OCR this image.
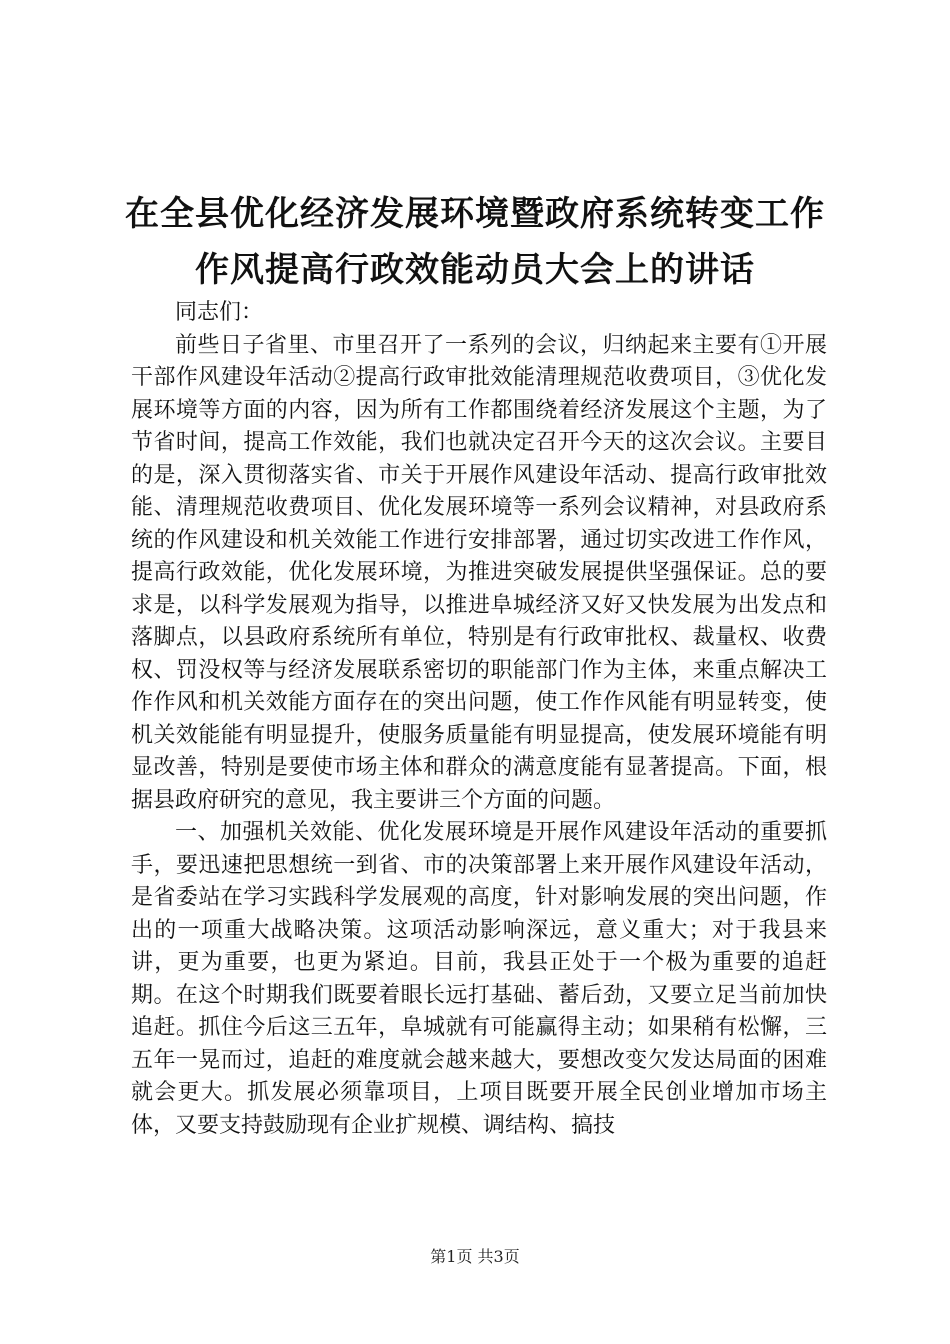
在全县优化经济发展环境暨政府系统转变工作
作风提高行政效能动员大会上的讲话

同志们：

前些日子省里、市里召开了一系列的会议，归纳起来主要有①开展干部作风建设年活动②提高行政审批效能清理规范收费项目，③优化发展环境等方面的内容，因为所有工作都围绕着经济发展这个主题，为了节省时间，提高工作效能，我们也就决定召开今天的这次会议。主要目的是，深入贯彻落实省、市关于开展作风建设年活动、提高行政审批效能、清理规范收费项目、优化发展环境等一系列会议精神，对县政府系统的作风建设和机关效能工作进行安排部署，通过切实改进工作作风，提高行政效能，优化发展环境，为推进突破发展提供坚强保证。总的要求是，以科学发展观为指导，以推进阜城经济又好又快发展为出发点和落脚点，以县政府系统所有单位，特别是有行政审批权、裁量权、收费权、罚没权等与经济发展联系密切的职能部门作为主体，来重点解决工作作风和机关效能方面存在的突出问题，使工作作风能有明显转变，使机关效能能有明显提升，使服务质量能有明显提高，使发展环境能有明显改善，特别是要使市场主体和群众的满意度能有显著提高。下面，根据县政府研究的意见，我主要讲三个方面的问题。

一、加强机关效能、优化发展环境是开展作风建设年活动的重要抓手，要迅速把思想统一到省、市的决策部署上来开展作风建设年活动，是省委站在学习实践科学发展观的高度，针对影响发展的突出问题，作出的一项重大战略决策。这项活动影响深远，意义重大；对于我县来讲，更为重要，也更为紧迫。目前，我县正处于一个极为重要的追赶期。在这个时期我们既要着眼长远打基础、蓄后劲，又要立足当前加快追赶。抓住今后这三五年，阜城就有可能赢得主动；如果稍有松懈，三五年一晃而过，追赶的难度就会越来越大，要想改变欠发达局面的困难就会更大。抓发展必须靠项目，上项目既要开展全民创业增加市场主体，又要支持鼓励现有企业扩规模、调结构、搞技

第1页 共3页
